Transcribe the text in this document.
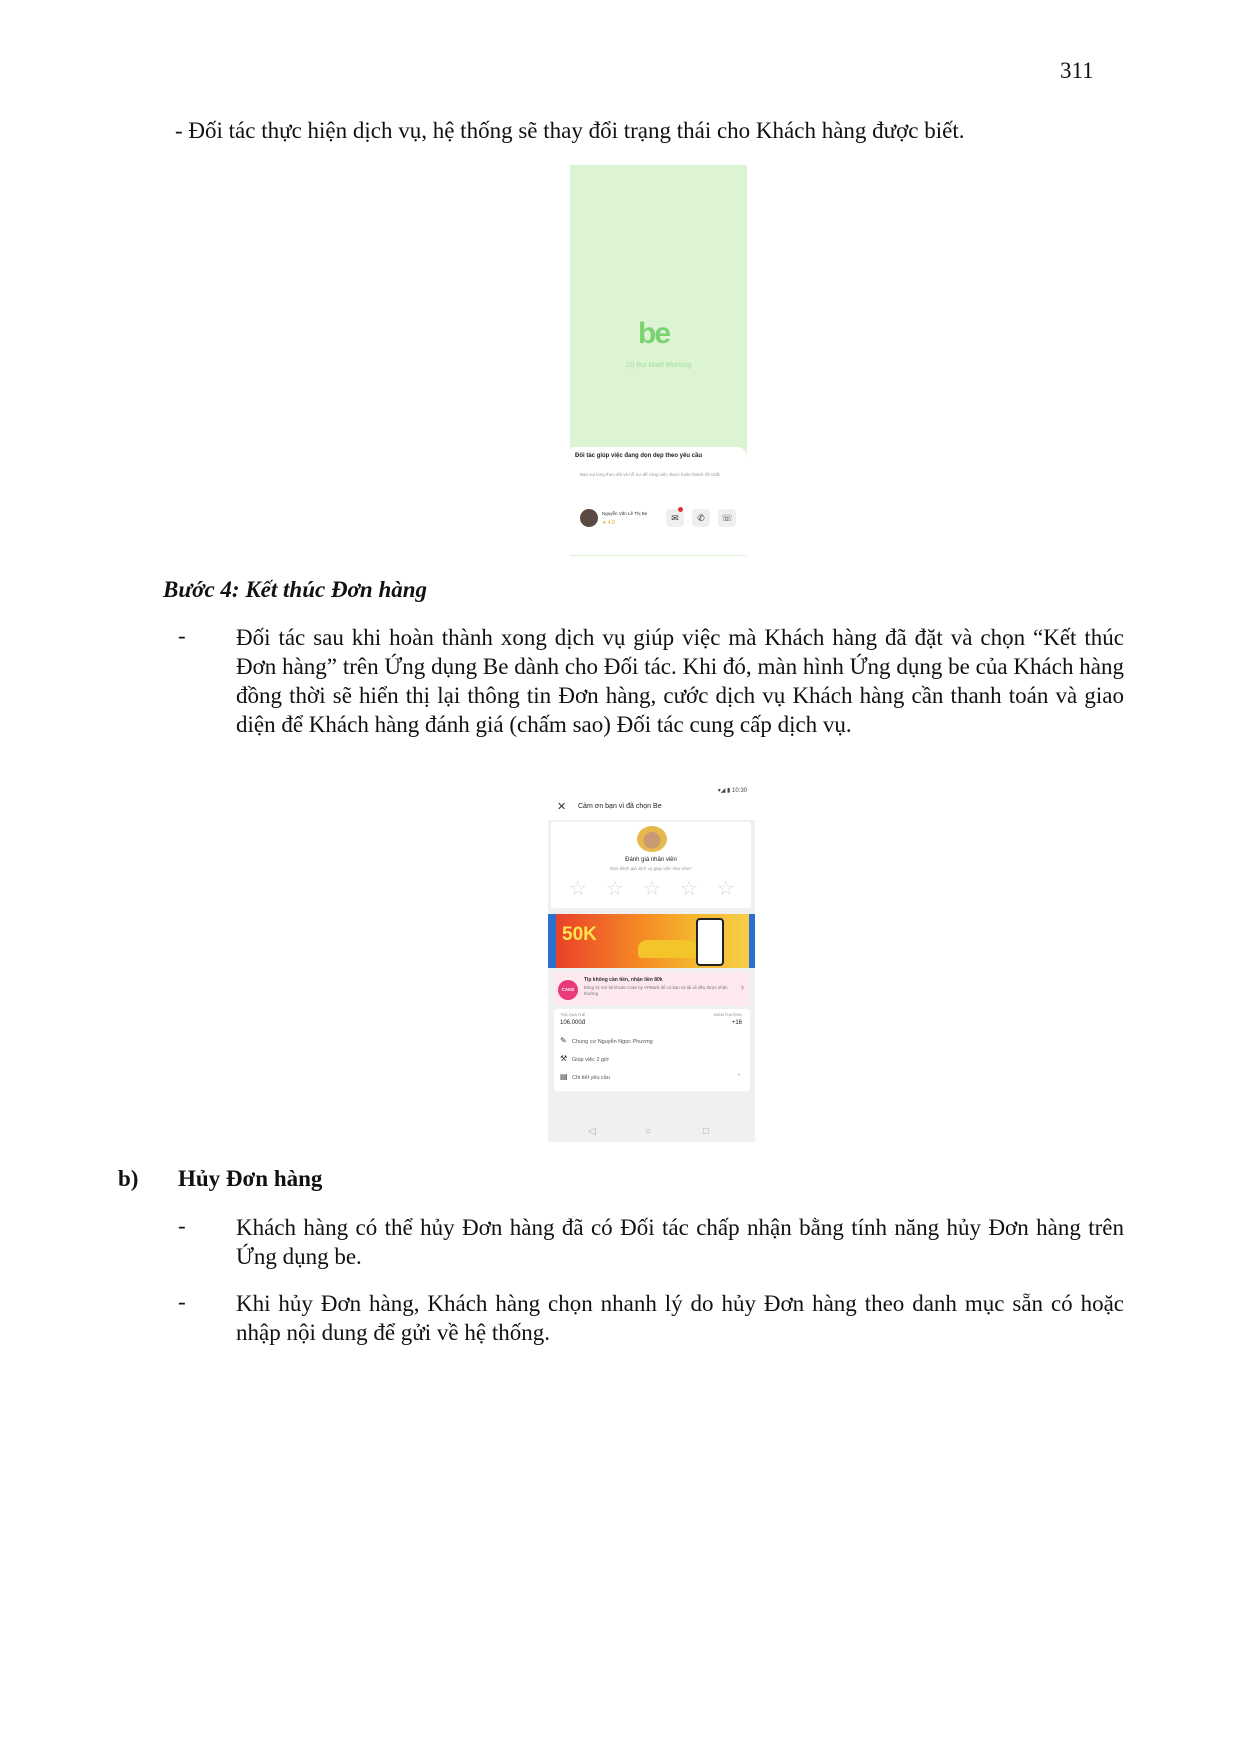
311
- Đối tác thực hiện dịch vụ, hệ thống sẽ thay đổi trạng thái cho Khách hàng được biết.
be
(2) Bui Maid Working
Đối tác giúp việc đang dọn dẹp theo yêu cầu
Bạn vui lòng theo dõi và hỗ trợ để công việc được hoàn thành tốt nhất
Nguyễn Văn Lê Thị Be
★ 4.9	✉	✆	☏
Bước 4: Kết thúc Đơn hàng
- Đối tác sau khi hoàn thành xong dịch vụ giúp việc mà Khách hàng đã đặt và chọn “Kết thúc Đơn hàng” trên Ứng dụng Be dành cho Đối tác. Khi đó, màn hình Ứng dụng be của Khách hàng đồng thời sẽ hiển thị lại thông tin Đơn hàng, cước dịch vụ Khách hàng cần thanh toán và giao diện để Khách hàng đánh giá (chấm sao) Đối tác cung cấp dịch vụ.
▾◢ ▮ 10:30
✕ Cảm ơn bạn vì đã chọn Be
Đánh giá nhân viên
Bạn đánh giá dịch vụ giúp việc như nào?
☆ ☆ ☆ ☆ ☆
50K
CAKE
Tip không cần tiền, nhận liền 80k
Đăng ký mở tài khoản Cake by VPBank để có bạn và tài xế đều được nhận thưởng
›
TRẢ QUA THẺ
106.000đ
ĐIỂM THƯỞNG
+16
✎ Chung cư Nguyễn Ngọc Phương
⚒ Giúp việc 2 giờ
▤ Chi tiết yêu cầu	›
◁	○	□
b) Hủy Đơn hàng
- Khách hàng có thể hủy Đơn hàng đã có Đối tác chấp nhận bằng tính năng hủy Đơn hàng trên Ứng dụng be.
- Khi hủy Đơn hàng, Khách hàng chọn nhanh lý do hủy Đơn hàng theo danh mục sẵn có hoặc nhập nội dung để gửi về hệ thống.
